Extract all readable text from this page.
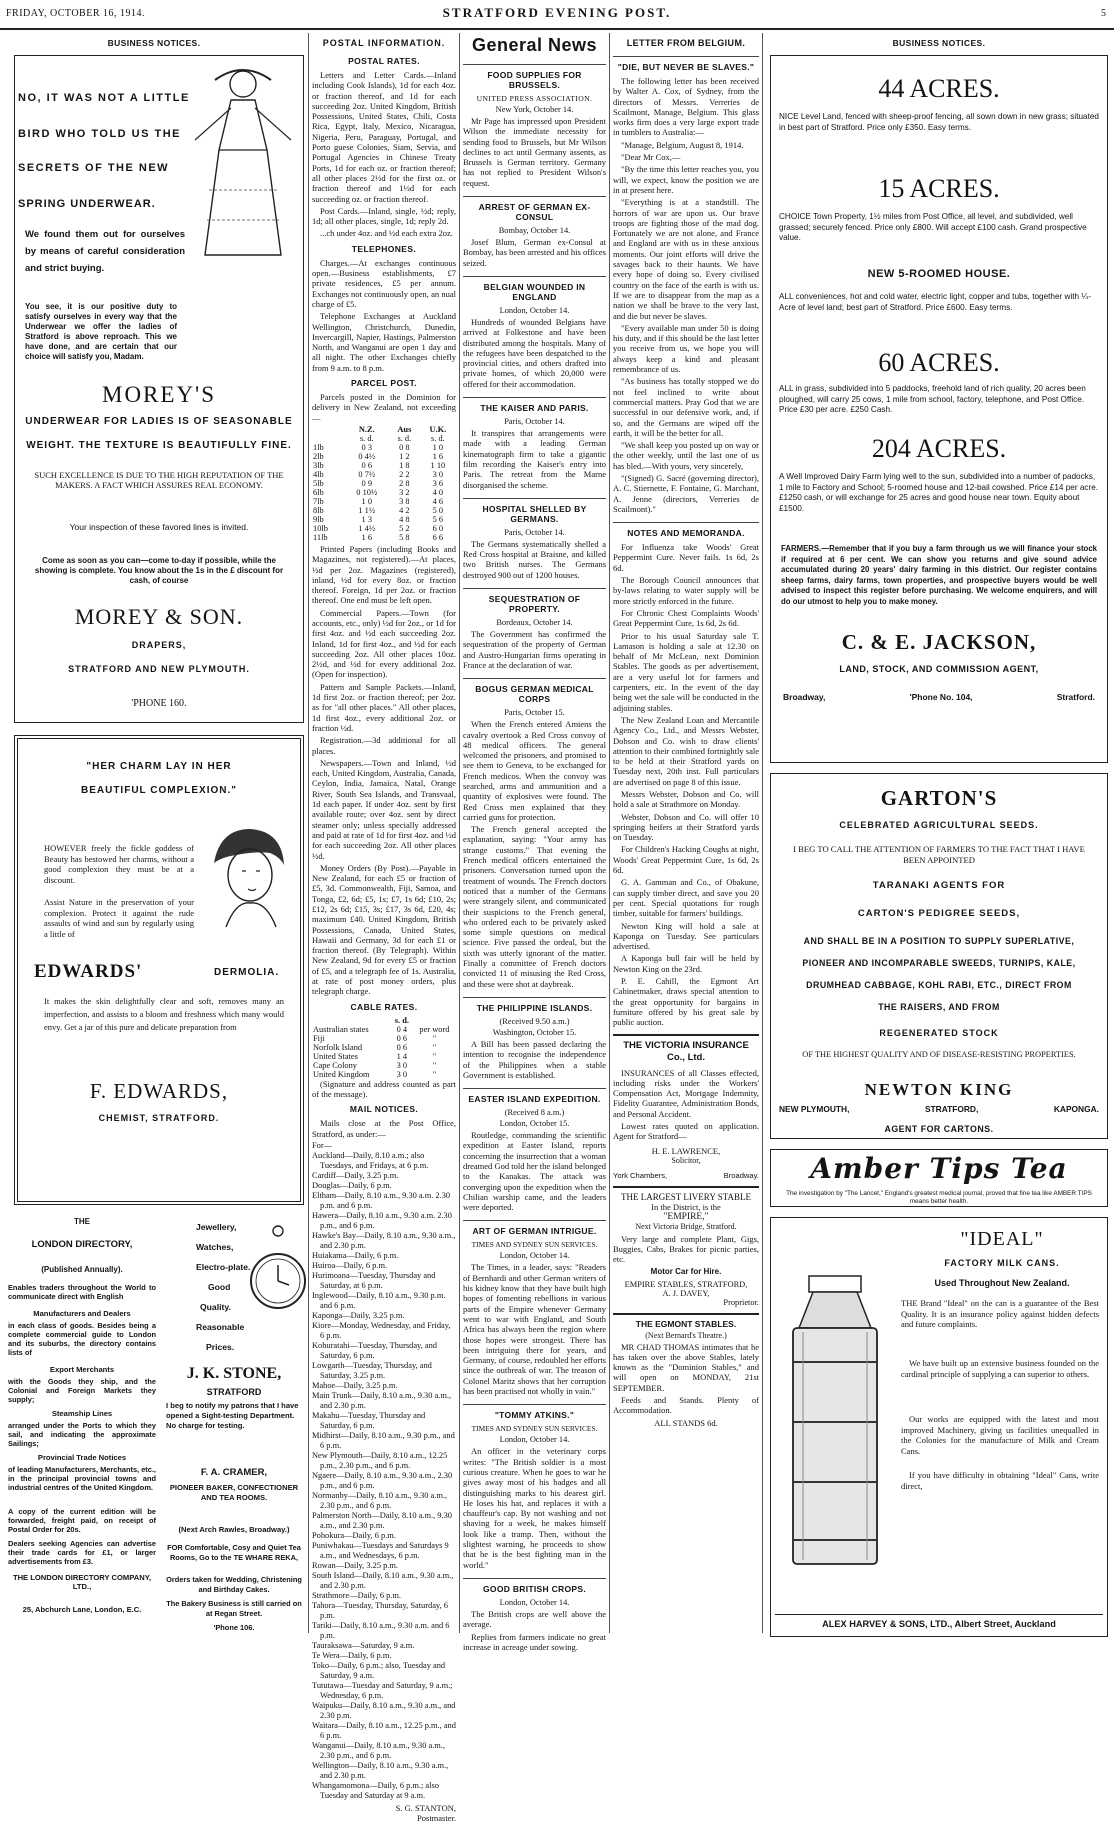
FRIDAY, OCTOBER 16, 1914.	STRATFORD EVENING POST.	5
BUSINESS NOTICES.
NO, IT WAS NOT A LITTLE
BIRD WHO TOLD US THE
SECRETS OF THE NEW
SPRING UNDERWEAR.
We found them out for ourselves by means of careful consideration and strict buying.
You see, it is our positive duty to satisfy ourselves in every way that the Underwear we offer the ladies of Stratford is above reproach. This we have done, and are certain that our choice will satisfy you, Madam.
MOREY'S
UNDERWEAR FOR LADIES IS OF SEASONABLE
WEIGHT. THE TEXTURE IS BEAUTIFULLY FINE.
SUCH EXCELLENCE IS DUE TO THE HIGH REPUTATION OF THE MAKERS. A FACT WHICH ASSURES REAL ECONOMY.
Your inspection of these favored lines is invited.
Come as soon as you can—come to-day if possible, while the showing is complete. You know about the 1s in the £ discount for cash, of course
MOREY & SON.
DRAPERS,
STRATFORD AND NEW PLYMOUTH.
'PHONE 160.
"HER CHARM LAY IN HER
BEAUTIFUL COMPLEXION."
HOWEVER freely the fickle goddess of Beauty has bestowed her charms, without a good complexion they must be at a discount.
Assist Nature in the preservation of your complexion. Protect it against the rude assaults of wind and sun by regularly using a little of
EDWARDS'	DERMOLIA.
It makes the skin delightfully clear and soft, removes many an imperfection, and assists to a bloom and freshness which many would envy. Get a jar of this pure and delicate preparation from
F. EDWARDS,
CHEMIST, STRATFORD.
THE
LONDON DIRECTORY,
(Published Annually).
Enables traders throughout the World to communicate direct with English
Manufacturers and Dealers
in each class of goods. Besides being a complete commercial guide to London and its suburbs, the directory contains lists of
Export Merchants
with the Goods they ship, and the Colonial and Foreign Markets they supply;
Steamship Lines
arranged under the Ports to which they sail, and indicating the approximate Sailings;
Provincial Trade Notices
of leading Manufacturers, Merchants, etc., in the principal provincial towns and industrial centres of the United Kingdom.
A copy of the current edition will be forwarded, freight paid, on receipt of Postal Order for 20s.
Dealers seeking Agencies can advertise their trade cards for £1, or larger advertisements from £3.
THE LONDON DIRECTORY COMPANY, LTD.,
25, Abchurch Lane, London, E.C.
Jewellery,
Watches,
Electro-plate.
Good
Quality.
Reasonable
Prices.
J. K. STONE,
STRATFORD
I beg to notify my patrons that I have opened a Sight-testing Department. No charge for testing.
F. A. CRAMER,
PIONEER BAKER, CONFECTIONER AND TEA ROOMS.
(Next Arch Rawles, Broadway.)
FOR Comfortable, Cosy and Quiet Tea Rooms, Go to the TE WHARE REKA,
Orders taken for Wedding, Christening and Birthday Cakes.
The Bakery Business is still carried on at Regan Street.
'Phone 106.
POSTAL INFORMATION.
POSTAL RATES.

Letters and Letter Cards.—Inland including Cook Islands), 1d for each 4oz. or fraction thereof, and 1d for each succeeding 2oz. United Kingdom, British Possessions, United States, Chili, Costa Rica, Egypt, Italy, Mexico, Nicaragua, Nigeria, Peru, Paraguay, Portugal, and Porto guese Colonies, Siam, Servia, and Portugal Agencies in Chinese Treaty Ports, 1d for each oz. or fraction thereof; all other places 2½d for the first oz. or fraction thereof and 1½d for each succeeding oz. or fraction thereof.

Post Cards.—Inland, single, ½d; reply, 1d; all other places, single, 1d; reply 2d.

...ch under 4oz. and ½d each extra 2oz.

TELEPHONES.

Charges.—At exchanges continuous open.—Business establishments, £7 private residences, £5 per annum. Exchanges not continuously open, an nual charge of £5.

Telephone Exchanges at Auckland Wellington, Christchurch, Dunedin, Invercargill, Napier, Hastings, Palmerston North, and Wanganui are open 1 day and all night. The other Exchanges chiefly from 9 a.m. to 8 p.m.

PARCEL POST.

Parcels posted in the Dominion for delivery in New Zealand, not exceeding—

	N.Z.	Aus	U.K.
	s. d.	s. d.	s. d.
1lb	0 3	0 8	1 0
2lb	0 4½	1 2	1 6
3lb	0 6	1 8	1 10
4lb	0 7½	2 2	3 0
5lb	0 9	2 8	3 6
6lb	0 10½	3 2	4 0
7lb	1 0	3 8	4 6
8lb	1 1½	4 2	5 0
9lb	1 3	4 8	5 6
10lb	1 4½	5 2	6 0
11lb	1 6	5 8	6 6

Printed Papers (including Books and Magazines, not registered).—At places, ½d per 2oz. Magazines (registered), inland, ½d for every 8oz. or fraction thereof. Foreign, 1d per 2oz. or fraction thereof. One end must be left open.

Commercial Papers.—Town (for accounts, etc., only) ½d for 2oz., or 1d for first 4oz. and ½d each succeeding 2oz. Inland, 1d for first 4oz., and ½d for each succeeding 2oz. All other places 10oz. 2½d, and ½d for every additional 2oz. (Open for inspection).

Pattern and Sample Packets.—Inland, 1d first 2oz. or fraction thereof; per 2oz. as for "all other places." All other places, 1d first 4oz., every additional 2oz. or fraction ½d.

Registration.—3d additional for all places.

Newspapers.—Town and Inland, ½d each, United Kingdom, Australia, Canada, Ceylon, India, Jamaica, Natal, Orange River, South Sea Islands, and Transvaal, 1d each paper. If under 4oz. sent by first available route; over 4oz. sent by direct steamer only; unless specially addressed and paid at rate of 1d for first 4oz. and ½d for each succeeding 2oz. All other places ½d.

Money Orders (By Post).—Payable in New Zealand, for each £5 or fraction of £5, 3d. Commonwealth, Fiji, Samoa, and Tonga, £2, 6d; £5, 1s; £7, 1s 6d; £10, 2s; £12, 2s 6d; £15, 3s; £17, 3s 6d, £20, 4s; maximum £40. United Kingdom, British Possessions, Canada, United States, Hawaii and Germany, 3d for each £1 or fraction thereof. (By Telegraph). Within New Zealand, 9d for every £5 or fraction of £5, and a telegraph fee of 1s. Australia, at rate of post money orders, plus telegraph charge.

CABLE RATES.
	s. d.	
Australian states	0 4	per word
Fiji	0 6	"
Norfolk Island	0 6	"
United States	1 4	"
Cape Colony	3 0	"
United Kingdom	3 0	"

(Signature and address counted as part of the message).

MAIL NOTICES.

Mails close at the Post Office, Stratford, as under:—

For—
Auckland—Daily, 8.10 a.m.; also Tuesdays, and Fridays, at 6 p.m.
Cardiff—Daily, 3.25 p.m.
Douglas—Daily, 6 p.m.
Eltham—Daily, 8.10 a.m., 9.30 a.m. 2.30 p.m. and 6 p.m.
Hawera—Daily, 8.10 a.m., 9.30 a.m. 2.30 p.m., and 6 p.m.
Hawke's Bay—Daily, 8.10 a.m., 9.30 a.m., and 2.30 p.m.
Huiakama—Daily, 6 p.m.
Huiroa—Daily, 6 p.m.
Hurimoana—Tuesday, Thursday and Saturday, at 6 p.m.
Inglewood—Daily, 8.10 a.m., 9.30 p.m. and 6 p.m.
Kaponga—Daily, 3.25 p.m.
Kiore—Monday, Wednesday, and Friday, 6 p.m.
Kohuratahi—Tuesday, Thursday, and Saturday, 6 p.m.
Lowgarth—Tuesday, Thursday, and Saturday, 3.25 p.m.
Mahoe—Daily, 3.25 p.m.
Main Trunk—Daily, 8.10 a.m., 9.30 a.m., and 2.30 p.m.
Makahu—Tuesday, Thursday and Saturday, 6 p.m.
Midhirst—Daily, 8.10 a.m., 9.30 p.m., and 6 p.m.
New Plymouth—Daily, 8.10 a.m., 12.25 p.m., 2.30 p.m., and 6 p.m.
Ngaere—Daily, 8.10 a.m., 9.30 a.m., 2.30 p.m., and 6 p.m.
Normanby—Daily, 8.10 a.m., 9.30 a.m., 2.30 p.m., and 6 p.m.
Palmerston North—Daily, 8.10 a.m., 9.30 a.m., and 2.30 p.m.
Pohokura—Daily, 6 p.m.
Puniwhakau—Tuesdays and Saturdays 9 a.m., and Wednesdays, 6 p.m.
Rowan—Daily, 3.25 p.m.
South Island—Daily, 8.10 a.m., 9.30 a.m., and 2.30 p.m.
Strathmore—Daily, 6 p.m.
Tahora—Tuesday, Thursday, Saturday, 6 p.m.
Tariki—Daily, 8.10 a.m., 9.30 a.m. and 6 p.m.
Tauraksawa—Saturday, 9 a.m.
Te Wera—Daily, 6 p.m.
Toko—Daily, 6 p.m.; also, Tuesday and Saturday, 9 a.m.
Tututawa—Tuesday and Saturday, 9 a.m.; Wednesday, 6 p.m.
Waipuku—Daily, 8.10 a.m., 9.30 a.m., and 2.30 p.m.
Waitara—Daily, 8.10 a.m., 12.25 p.m., and 6 p.m.
Wanganui—Daily, 8.10 a.m., 9.30 a.m., 2.30 p.m., and 6 p.m.
Wellington—Daily, 8.10 a.m., 9.30 a.m., and 2.30 p.m.
Whangamomona—Daily, 6 p.m.; also Tuesday and Saturday at 9 a.m.
S. G. STANTON,
Postmaster.
General News
FOOD SUPPLIES FOR BRUSSELS.
UNITED PRESS ASSOCIATION.
New York, October 14.

Mr Page has impressed upon President Wilson the immediate necessity for sending food to Brussels, but Mr Wilson declines to act until Germany assents, as Brussels is German territory. Germany has not replied to President Wilson's request.

ARREST OF GERMAN EX-CONSUL
Bombay, October 14.

Josef Blum, German ex-Consul at Bombay, has been arrested and his offices seized.

BELGIAN WOUNDED IN ENGLAND
London, October 14.

Hundreds of wounded Belgians have arrived at Folkestone and have been distributed among the hospitals. Many of the refugees have been despatched to the provincial cities, and others drafted into private homes, of which 20,000 were offered for their accommodation.

THE KAISER AND PARIS.
Paris, October 14.

It transpires that arrangements were made with a leading German kinematograph firm to take a gigantic film recording the Kaiser's entry into Paris. The retreat from the Marne disorganised the scheme.

HOSPITAL SHELLED BY GERMANS.
Paris, October 14.

The Germans systematically shelled a Red Cross hospital at Braisne, and killed two British nurses. The Germans destroyed 900 out of 1200 houses.

SEQUESTRATION OF PROPERTY.
Bordeaux, October 14.

The Government has confirmed the sequestration of the property of German and Austro-Hungarian firms operating in France at the declaration of war.

BOGUS GERMAN MEDICAL CORPS
Paris, October 15.

When the French entered Amiens the cavalry overtook a Red Cross convoy of 48 medical officers. The general welcomed the prisoners, and promised to see them to Geneva, to be exchanged for French medicos. When the convoy was searched, arms and ammunition and a quantity of explosives were found. The Red Cross men explained that they carried guns for protection.

The French general accepted the explanation, saying: "Your army has strange customs." That evening the French medical officers entertained the prisoners. Conversation turned upon the treatment of wounds. The French doctors noticed that a number of the Germans were strangely silent, and communicated their suspicions to the French general, who ordered each to be privately asked some simple questions on medical science. Five passed the ordeal, but the sixth was utterly ignorant of the matter. Finally a committee of French doctors convicted 11 of misusing the Red Cross, and these were shot at daybreak.

THE PHILIPPINE ISLANDS.
(Received 9.50 a.m.)
Washington, October 15.

A Bill has been passed declaring the intention to recognise the independence of the Philippines when a stable Government is established.

EASTER ISLAND EXPEDITION.
(Received 8 a.m.)
London, October 15.

Routledge, commanding the scientific expedition at Easter Island, reports concerning the insurrection that a woman dreamed God told her the island belonged to the Kanakas. The attack was converging upon the expedition when the Chilian warship came, and the leaders were deported.

ART OF GERMAN INTRIGUE.
TIMES AND SYDNEY SUN SERVICES.
London, October 14.

The Times, in a leader, says: "Readers of Bernhardi and other German writers of his kidney know that they have built high hopes of fomenting rebellions in various parts of the Empire whenever Germany went to war with England, and South Africa has always been the region where those hopes were strongest. There has been intriguing there for years, and Germany, of course, redoubled her efforts since the outbreak of war. The treason of Colonel Maritz shows that her corruption has been practised not wholly in vain."

"TOMMY ATKINS."
TIMES AND SYDNEY SUN SERVICES.
London, October 14.

An officer in the veterinary corps writes: "The British soldier is a most curious creature. When he goes to war he gives away most of his badges and all distinguishing marks to his dearest girl. He loses his hat, and replaces it with a chauffeur's cap. By not washing and not shaving for a week, he makes himself look like a tramp. Then, without the slightest warning, he proceeds to show that he is the best fighting man in the world."

GOOD BRITISH CROPS.
London, October 14.

The British crops are well above the average.

Replies from farmers indicate no great increase in acreage under sowing.

LETTER FROM BELGIUM.
"DIE, BUT NEVER BE SLAVES."

The following letter has been received by Walter A. Cox, of Sydney, from the directors of Messrs. Verreries de Scailmont, Manage, Belgium. This glass works firm does a very large export trade in tumblers to Australia:—

"Manage, Belgium, August 8, 1914.

"Dear Mr Cox,—

"By the time this letter reaches you, you will, we expect, know the position we are in at present here.

"Everything is at a standstill. The horrors of war are upon us. Our brave troops are fighting those of the mad dog. Fortunately we are not alone, and France and England are with us in these anxious moments. Our joint efforts will drive the savages back to their haunts. We have every hope of doing so. Every civilised country on the face of the earth is with us. If we are to disappear from the map as a nation we shall be brave to the very last, and die but never be slaves.

"Every available man under 50 is doing his duty, and if this should be the last letter you receive from us, we hope you will always keep a kind and pleasant remembrance of us.

"As business has totally stopped we do not feel inclined to write about commercial matters. Pray God that we are successful in our defensive work, and, if so, and the Germans are wiped off the earth, it will be the better for all.

"We shall keep you posted up on way or the other weekly, until the last one of us has bled.—With yours, very sincerely,

"(Signed) G. Sacré (governing director), A. C. Stiernette, F. Fontaine, G. Marchant, A. Jenne (directors, Verreries de Scailmont)."

NOTES AND MEMORANDA.

For Influenza take Woods' Great Peppermint Cure. Never fails. 1s 6d, 2s 6d.

The Borough Council announces that by-laws relating to water supply will be more strictly enforced in the future.

For Chronic Chest Complaints Woods' Great Peppermint Cure, 1s 6d, 2s 6d.

Prior to his usual Saturday sale T. Lamason is holding a sale at 12.30 on behalf of Mr McLean, next Dominion Stables. The goods as per advertisement, are a very useful lot for farmers and carpenters, etc. In the event of the day being wet the sale will be conducted in the adjoining stables.

The New Zealand Loan and Mercantile Agency Co., Ltd., and Messrs Webster, Dobson and Co. wish to draw clients' attention to their combined fortnightly sale to be held at their Stratford yards on Tuesday next, 20th inst. Full particulars are advertised on page 8 of this issue.

Messrs Webster, Dobson and Co. will hold a sale at Strathmore on Monday.

Webster, Dobson and Co. will offer 10 springing heifers at their Stratford yards on Tuesday.

For Children's Hacking Coughs at night, Woods' Great Peppermint Cure, 1s 6d, 2s 6d.

G. A. Gamman and Co., of Obakune, can supply timber direct, and save you 20 per cent. Special quotations for rough timber, suitable for farmers' buildings.

Newton King will hold a sale at Kaponga on Tuesday. See particulars advertised.

A Kaponga bull fair will be held by Newton King on the 23rd.

P. E. Cahill, the Egmont Art Cabinetmaker, draws special attention to the great opportunity for bargains in furniture offered by his great sale by public auction.

THE VICTORIA INSURANCE Co., Ltd.

INSURANCES of all Classes effected, including risks under the Workers' Compensation Act, Mortgage Indemnity, Fidelity Guarantee, Administration Bonds, and Personal Accident.

Lowest rates quoted on application. Agent for Stratford—

H. E. LAWRENCE,
Solicitor,
York Chambers,	Broadway.
THE LARGEST LIVERY STABLE
In the District, is the
"EMPIRE,"
Next Victoria Bridge, Stratford.

Very large and complete Plant, Gigs, Buggies, Cabs, Brakes for picnic parties, etc.

Motor Car for Hire.
EMPIRE STABLES, STRATFORD,
A. J. DAVEY,
Proprietor.
THE EGMONT STABLES.
(Next Bernard's Theatre.)

MR CHAD THOMAS intimates that he has taken over the above Stables, lately known as the "Dominion Stables," and will open on MONDAY, 21st SEPTEMBER.

Feeds and Stands. Plenty of Accommodation.

ALL STANDS 6d.
BUSINESS NOTICES.
44 ACRES.
NICE Level Land, fenced with sheep-proof fencing, all sown down in new grass; situated in best part of Stratford. Price only £350. Easy terms.
15 ACRES.
CHOICE Town Property, 1½ miles from Post Office, all level, and subdivided, well grassed; securely fenced. Price only £800. Will accept £100 cash. Grand prospective value.
NEW 5-ROOMED HOUSE.
ALL conveniences, hot and cold water, electric light, copper and tubs, together with ¼-Acre of level land; best part of Stratford. Price £600. Easy terms.
60 ACRES.
ALL in grass, subdivided into 5 paddocks, freehold land of rich quality, 20 acres been ploughed, will carry 25 cows, 1 mile from school, factory, telephone, and Post Office. Price £30 per acre. £250 Cash.
204 ACRES.
A Well Improved Dairy Farm lying well to the sun, subdivided into a number of padocks, 1 mile to Factory and School; 5-roomed house and 12-bail cowshed. Price £14 per acre. £1250 cash, or will exchange for 25 acres and good house near town. Equity about £1500.
FARMERS.—Remember that if you buy a farm through us we will finance your stock if required at 6 per cent. We can show you returns and give sound advice accumulated during 20 years' dairy farming in this district. Our register contains sheep farms, dairy farms, town properties, and prospective buyers would be well advised to inspect this register before purchasing. We welcome enquirers, and will do our utmost to help you to make money.
C. & E. JACKSON,
LAND, STOCK, AND COMMISSION AGENT,
Broadway,	'Phone No. 104,	Stratford.
GARTON'S
CELEBRATED AGRICULTURAL SEEDS.
I BEG TO CALL THE ATTENTION OF FARMERS TO THE FACT THAT I HAVE BEEN APPOINTED
TARANAKI AGENTS FOR
CARTON'S PEDIGREE SEEDS,
AND SHALL BE IN A POSITION TO SUPPLY SUPERLATIVE,
PIONEER AND INCOMPARABLE SWEEDS, TURNIPS, KALE,
DRUMHEAD CABBAGE, KOHL RABI, ETC., DIRECT FROM
THE RAISERS, AND FROM
REGENERATED STOCK
OF THE HIGHEST QUALITY AND OF DISEASE-RESISTING PROPERTIES.
NEWTON KING
NEW PLYMOUTH,	STRATFORD,	KAPONGA.
AGENT FOR CARTONS.
Amber Tips Tea
The investigation by "The Lancet," England's greatest medical journal, proved that fine tea like AMBER TIPS means better health.
"IDEAL"
FACTORY MILK CANS.
Used Throughout New Zealand.
THE Brand "Ideal" on the can is a guarantee of the Best Quality. It is an insurance policy against hidden defects and future complaints.
We have built up an extensive business founded on the cardinal principle of supplying a can superior to others.
Our works are equipped with the latest and most improved Machinery, giving us facilities unequalled in the Colonies for the manufacture of Milk and Cream Cans.
If you have difficulty in obtaining "Ideal" Cans, write direct,
ALEX HARVEY & SONS, LTD., Albert Street, Auckland
